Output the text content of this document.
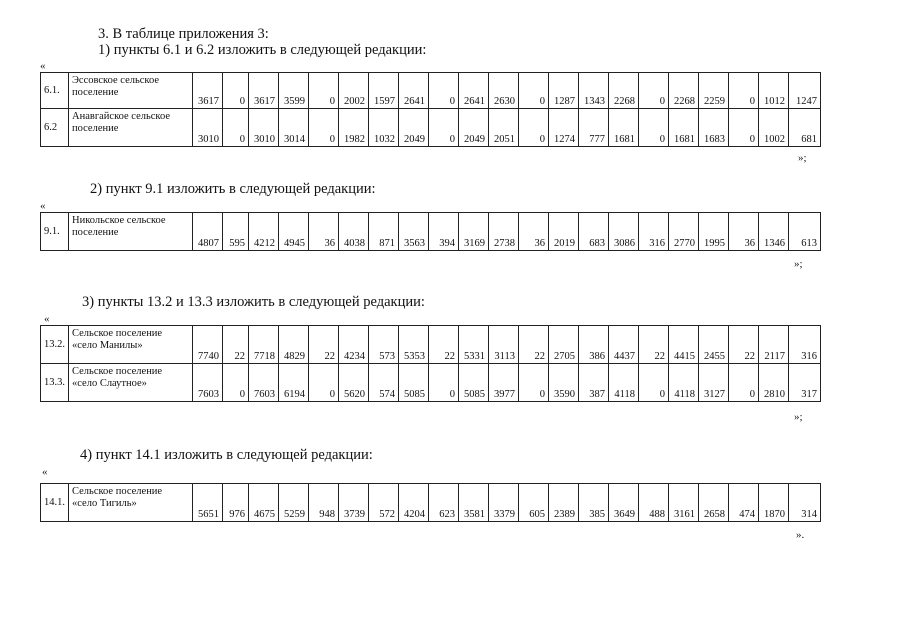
3. В таблице приложения 3:
1) пункты 6.1 и 6.2 изложить в следующей редакции:
«
6.1.	Эссовское сельское поселение	3617	0	3617	3599	0	2002	1597	2641	0	2641	2630	0	1287	1343	2268	0	2268	2259	0	1012	1247
6.2	Анавгайское сельское поселение	3010	0	3010	3014	0	1982	1032	2049	0	2049	2051	0	1274	777	1681	0	1681	1683	0	1002	681
»;
2) пункт 9.1 изложить в следующей редакции:
«
9.1.	Никольское сельское поселение	4807	595	4212	4945	36	4038	871	3563	394	3169	2738	36	2019	683	3086	316	2770	1995	36	1346	613
»;
3) пункты 13.2 и 13.3 изложить в следующей редакции:
«
13.2.	Сельское поселение «село Манилы»	7740	22	7718	4829	22	4234	573	5353	22	5331	3113	22	2705	386	4437	22	4415	2455	22	2117	316
13.3.	Сельское поселение «село Слаутное»	7603	0	7603	6194	0	5620	574	5085	0	5085	3977	0	3590	387	4118	0	4118	3127	0	2810	317
»;
4) пункт 14.1 изложить в следующей редакции:
«
14.1.	Сельское поселение «село Тигиль»	5651	976	4675	5259	948	3739	572	4204	623	3581	3379	605	2389	385	3649	488	3161	2658	474	1870	314
».
